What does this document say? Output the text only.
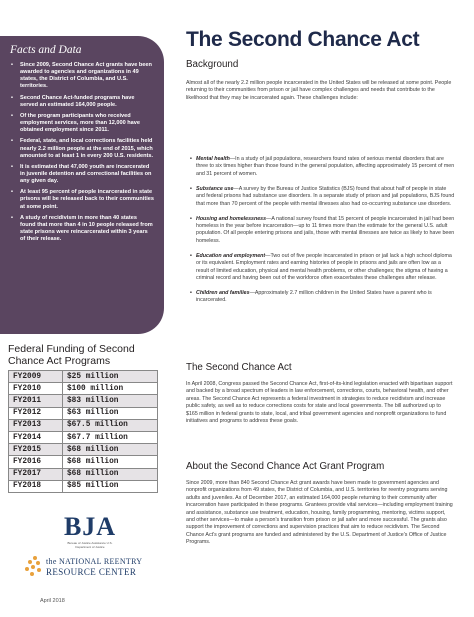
Facts and Data
• Since 2009, Second Chance Act grants have been awarded to agencies and organizations in 49 states, the District of Columbia, and U.S. territories.
• Second Chance Act-funded programs have served an estimated 164,000 people.
• Of the program participants who received employment services, more than 12,000 have obtained employment since 2011.
• Federal, state, and local corrections facilities held nearly 2.2 million people at the end of 2015, which amounted to at least 1 in every 200 U.S. residents.
• It is estimated that 47,000 youth are incarcerated in juvenile detention and correctional facilities on any given day.
• At least 95 percent of people incarcerated in state prisons will be released back to their communities at some point.
• A study of recidivism in more than 40 states found that more than 4 in 10 people released from state prisons were reincarcerated within 3 years of their release.
Federal Funding of Second Chance Act Programs
FY2009	$25 million
FY2010	$100 million
FY2011	$83 million
FY2012	$63 million
FY2013	$67.5 million
FY2014	$67.7 million
FY2015	$68 million
FY2016	$68 million
FY2017	$68 million
FY2018	$85 million
BJA
Bureau of Justice Assistance U.S. Department of Justice
the NATIONAL REENTRY
RESOURCE CENTER
April 2018
The Second Chance Act
Background
Almost all of the nearly 2.2 million people incarcerated in the United States will be released at some point. People returning to their communities from prison or jail have complex challenges and needs that contribute to the likelihood that they may be incarcerated again. These challenges include:
• Mental health—In a study of jail populations, researchers found rates of serious mental disorders that are three to six times higher than those found in the general population, affecting approximately 15 percent of men and 31 percent of women.
• Substance use—A survey by the Bureau of Justice Statistics (BJS) found that about half of people in state and federal prisons had substance use disorders. In a separate study of prison and jail populations, BJS found that more than 70 percent of the people with mental illnesses also had co-occurring substance use disorders.
• Housing and homelessness—A national survey found that 15 percent of people incarcerated in jail had been homeless in the year before incarceration—up to 11 times more than the estimate for the general U.S. adult population. Of all people entering prisons and jails, those with mental illnesses are twice as likely to have been homeless.
• Education and employment—Two out of five people incarcerated in prison or jail lack a high school diploma or its equivalent. Employment rates and earning histories of people in prisons and jails are often low as a result of limited education, physical and mental health problems, or other challenges; the stigma of having a criminal record and having been out of the workforce often exacerbates these challenges after release.
• Children and families—Approximately 2.7 million children in the United States have a parent who is incarcerated.
The Second Chance Act
In April 2008, Congress passed the Second Chance Act, first-of-its-kind legislation enacted with bipartisan support and backed by a broad spectrum of leaders in law enforcement, corrections, courts, behavioral health, and other areas. The Second Chance Act represents a federal investment in strategies to reduce recidivism and increase public safety, as well as to reduce corrections costs for state and local governments. The bill authorized up to $165 million in federal grants to state, local, and tribal government agencies and nonprofit organizations to fund initiatives and programs to address these goals.
About the Second Chance Act Grant Program
Since 2009, more than 840 Second Chance Act grant awards have been made to government agencies and nonprofit organizations from 49 states, the District of Columbia, and U.S. territories for reentry programs serving adults and juveniles. As of December 2017, an estimated 164,000 people returning to their community after incarceration have participated in these programs. Grantees provide vital services—including employment training and assistance, substance use treatment, education, housing, family programming, mentoring, victims support, and other services—to make a person's transition from prison or jail safer and more successful. The grants also support the improvement of corrections and supervision practices that aim to reduce recidivism. The Second Chance Act's grant programs are funded and administered by the U.S. Department of Justice's Office of Justice Programs.
